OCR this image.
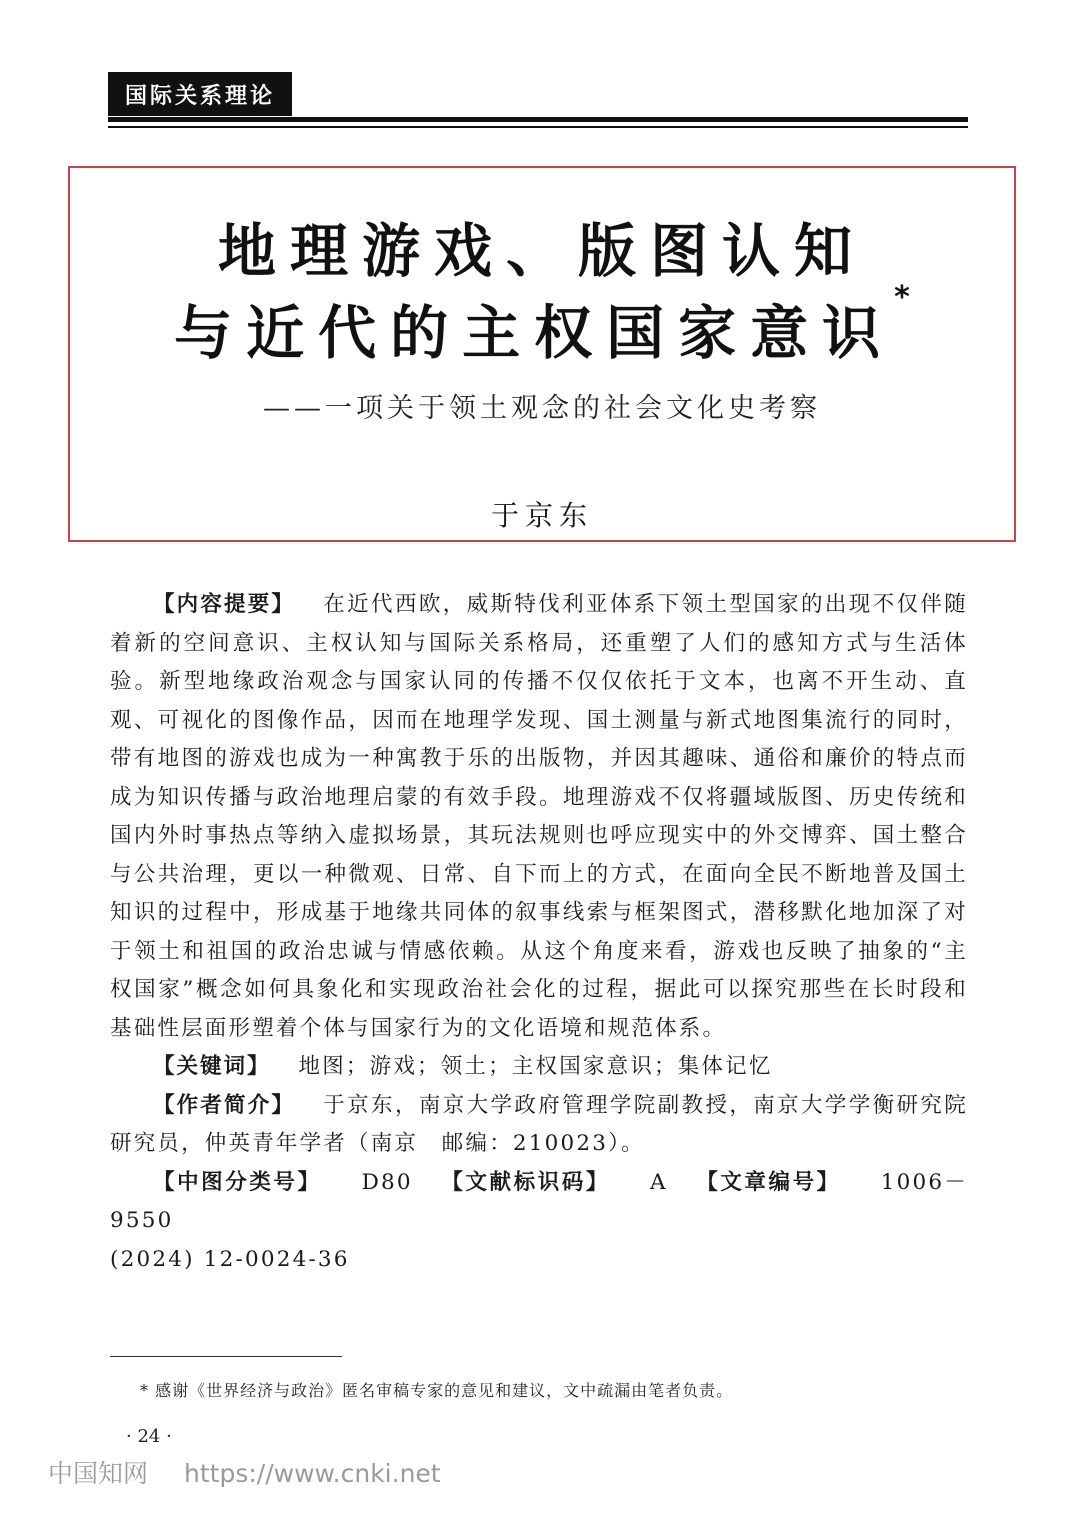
国际关系理论
地理游戏、版图认知
与近代的主权国家意识*
——一项关于领土观念的社会文化史考察
于京东

【内容提要】 在近代西欧，威斯特伐利亚体系下领土型国家的出现不仅伴随着新的空间意识、主权认知与国际关系格局，还重塑了人们的感知方式与生活体验。新型地缘政治观念与国家认同的传播不仅仅依托于文本，也离不开生动、直观、可视化的图像作品，因而在地理学发现、国土测量与新式地图集流行的同时，带有地图的游戏也成为一种寓教于乐的出版物，并因其趣味、通俗和廉价的特点而成为知识传播与政治地理启蒙的有效手段。地理游戏不仅将疆域版图、历史传统和国内外时事热点等纳入虚拟场景，其玩法规则也呼应现实中的外交博弈、国土整合与公共治理，更以一种微观、日常、自下而上的方式，在面向全民不断地普及国土知识的过程中，形成基于地缘共同体的叙事线索与框架图式，潜移默化地加深了对于领土和祖国的政治忠诚与情感依赖。从这个角度来看，游戏也反映了抽象的“主权国家”概念如何具象化和实现政治社会化的过程，据此可以探究那些在长时段和基础性层面形塑着个体与国家行为的文化语境和规范体系。

【关键词】 地图；游戏；领土；主权国家意识；集体记忆

【作者简介】 于京东，南京大学政府管理学院副教授，南京大学学衡研究院研究员，仲英青年学者（南京　邮编：210023）。

【中图分类号】 D80 【文献标识码】 A 【文章编号】 1006－9550

(2024) 12-0024-36

* 感谢《世界经济与政治》匿名审稿专家的意见和建议，文中疏漏由笔者负责。
· 24 ·
中国知网 https://www.cnki.net
